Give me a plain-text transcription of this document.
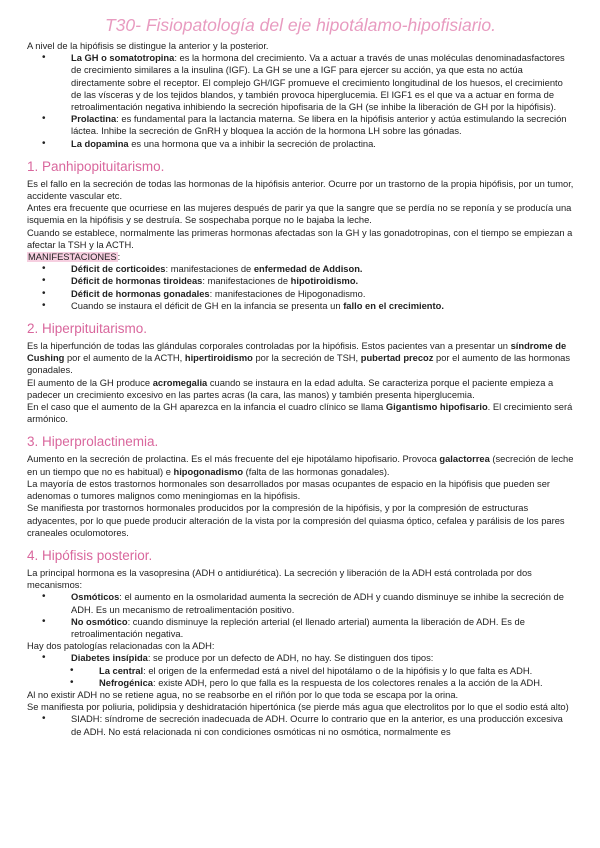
T30- Fisiopatología del eje hipotálamo-hipofisiario.

A nivel de la hipófisis se distingue la anterior y la posterior.

• La GH o somatotropina: es la hormona del crecimiento. Va a actuar a través de unas moléculas denominadasfactores de crecimiento similares a la insulina (IGF). La GH se une a IGF para ejercer su acción, ya que esta no actúa directamente sobre el receptor. El complejo GH/IGF promueve el crecimiento longitudinal de los huesos, el crecimiento de las vísceras y de los tejidos blandos, y también provoca hiperglucemia. El IGF1 es el que va a actuar en forma de retroalimentación negativa inhibiendo la secreción hipofisaria de la GH (se inhibe la liberación de GH por la hipófisis).
• Prolactina: es fundamental para la lactancia materna. Se libera en la hipófisis anterior y actúa estimulando la secreción láctea. Inhibe la secreción de GnRH y bloquea la acción de la hormona LH sobre las gónadas.
• La dopamina es una hormona que va a inhibir la secreción de prolactina.
1. Panhipopituitarismo.

Es el fallo en la secreción de todas las hormonas de la hipófisis anterior. Ocurre por un trastorno de la propia hipófisis, por un tumor, accidente vascular etc.

Antes era frecuente que ocurriese en las mujeres después de parir ya que la sangre que se perdía no se reponía y se producía una isquemia en la hipófisis y se destruía. Se sospechaba porque no le bajaba la leche.

Cuando se establece, normalmente las primeras hormonas afectadas son la GH y las gonadotropinas, con el tiempo se empiezan a afectar la TSH y la ACTH.

MANIFESTACIONES:

• Déficit de corticoides: manifestaciones de enfermedad de Addison.
• Déficit de hormonas tiroideas: manifestaciones de hipotiroidismo.
• Déficit de hormonas gonadales: manifestaciones de Hipogonadismo.
• Cuando se instaura el déficit de GH en la infancia se presenta un fallo en el crecimiento.
2. Hiperpituitarismo.

Es la hiperfunción de todas las glándulas corporales controladas por la hipófisis. Estos pacientes van a presentar un síndrome de Cushing por el aumento de la ACTH, hipertiroidismo por la secreción de TSH, pubertad precoz por el aumento de las hormonas gonadales.

El aumento de la GH produce acromegalia cuando se instaura en la edad adulta. Se caracteriza porque el paciente empieza a padecer un crecimiento excesivo en las partes acras (la cara, las manos) y también presenta hiperglucemia.

En el caso que el aumento de la GH aparezca en la infancia el cuadro clínico se llama Gigantismo hipofisario. El crecimiento será armónico.

3. Hiperprolactinemia.

Aumento en la secreción de prolactina. Es el más frecuente del eje hipotálamo hipofisario. Provoca galactorrea (secreción de leche en un tiempo que no es habitual) e hipogonadismo (falta de las hormonas gonadales).

La mayoría de estos trastornos hormonales son desarrollados por masas ocupantes de espacio en la hipófisis que pueden ser adenomas o tumores malignos como meningiomas en la hipófisis.

Se manifiesta por trastornos hormonales producidos por la compresión de la hipófisis, y por la compresión de estructuras adyacentes, por lo que puede producir alteración de la vista por la compresión del quiasma óptico, cefalea y parálisis de los pares craneales oculomotores.

4. Hipófisis posterior.

La principal hormona es la vasopresina (ADH o antidiurética). La secreción y liberación de la ADH está controlada por dos mecanismos:

• Osmóticos: el aumento en la osmolaridad aumenta la secreción de ADH y cuando disminuye se inhibe la secreción de ADH. Es un mecanismo de retroalimentación positivo.
• No osmótico: cuando disminuye la repleción arterial (el llenado arterial) aumenta la liberación de ADH. Es de retroalimentación negativa.

Hay dos patologías relacionadas con la ADH:

• Diabetes insípida: se produce por un defecto de ADH, no hay. Se distinguen dos tipos:
• La central: el origen de la enfermedad está a nivel del hipotálamo o de la hipófisis y lo que falta es ADH.
• Nefrogénica: existe ADH, pero lo que falla es la respuesta de los colectores renales a la acción de la ADH.

Al no existir ADH no se retiene agua, no se reabsorbe en el riñón por lo que toda se escapa por la orina.

Se manifiesta por poliuria, polidipsia y deshidratación hipertónica (se pierde más agua que electrolitos por lo que el sodio está alto)

• SIADH: síndrome de secreción inadecuada de ADH. Ocurre lo contrario que en la anterior, es una producción excesiva de ADH. No está relacionada ni con condiciones osmóticas ni no osmótica, normalmente es
